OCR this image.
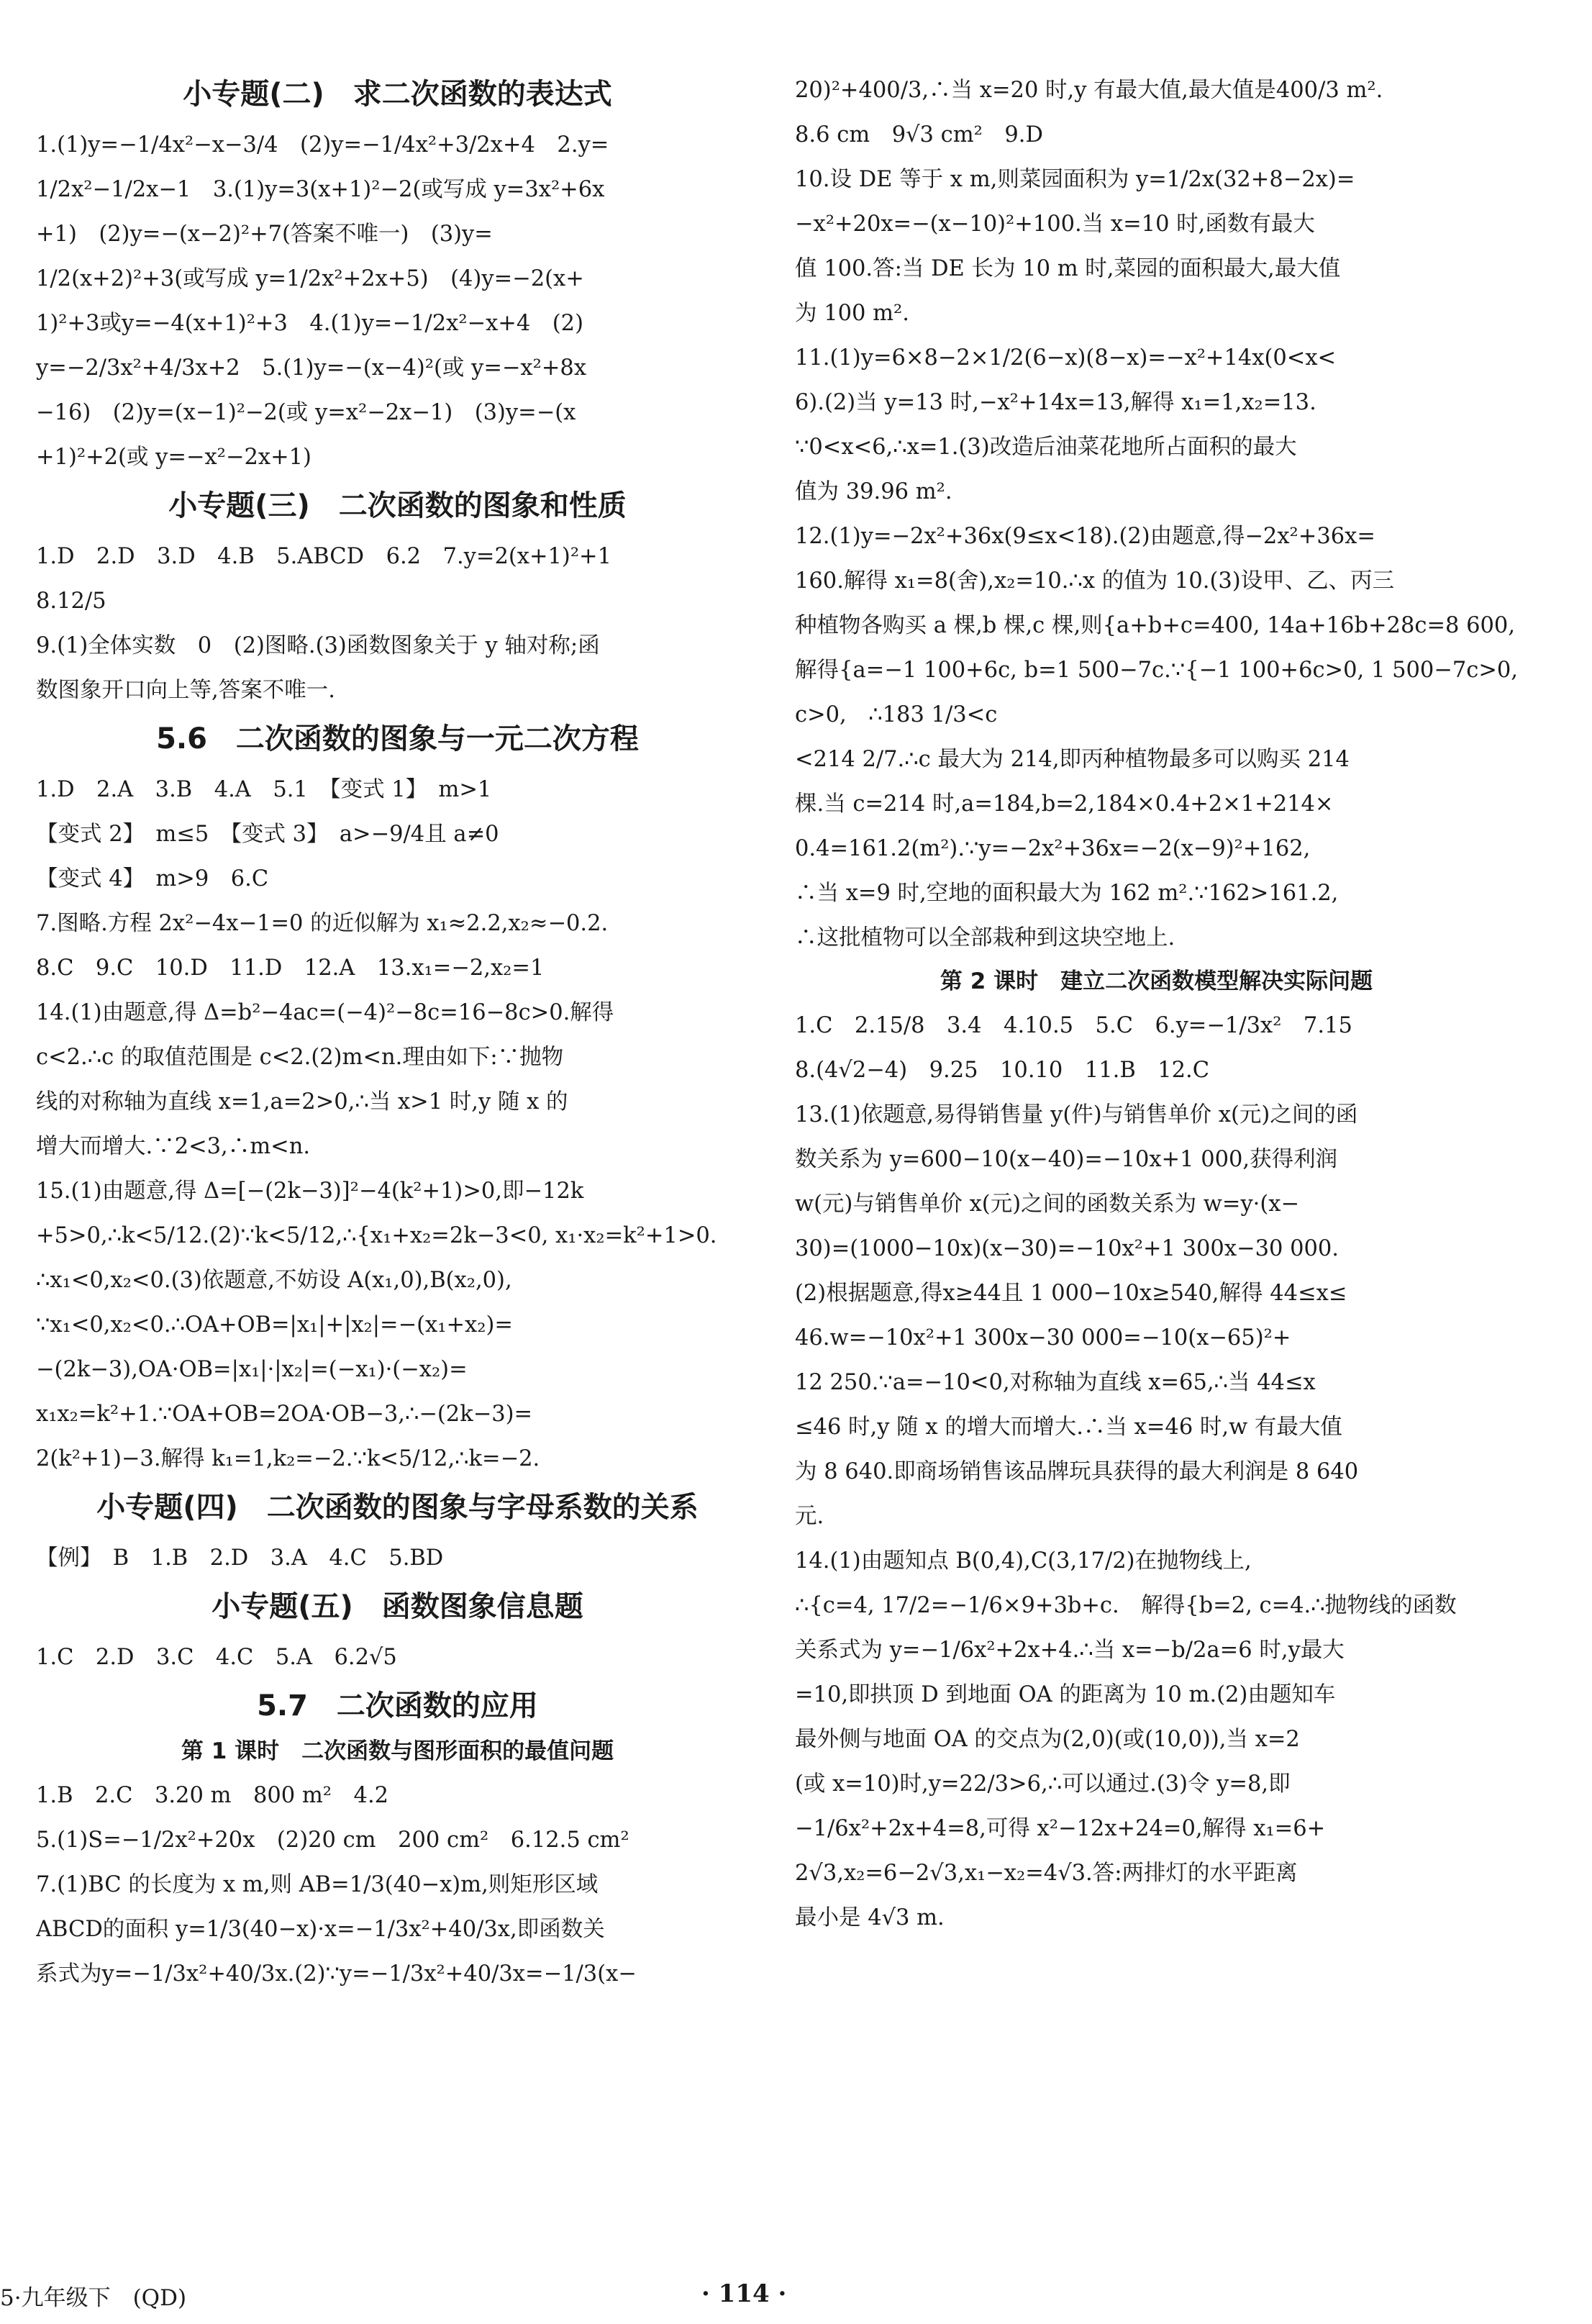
小专题(二)　求二次函数的表达式
1.(1)y=−1/4x²−x−3/4　(2)y=−1/4x²+3/2x+4　2.y=
1/2x²−1/2x−1　3.(1)y=3(x+1)²−2(或写成 y=3x²+6x
+1)　(2)y=−(x−2)²+7(答案不唯一)　(3)y=
1/2(x+2)²+3(或写成 y=1/2x²+2x+5)　(4)y=−2(x+
1)²+3或y=−4(x+1)²+3　4.(1)y=−1/2x²−x+4　(2)
y=−2/3x²+4/3x+2　5.(1)y=−(x−4)²(或 y=−x²+8x
−16)　(2)y=(x−1)²−2(或 y=x²−2x−1)　(3)y=−(x
+1)²+2(或 y=−x²−2x+1)
小专题(三)　二次函数的图象和性质
1.D　2.D　3.D　4.B　5.ABCD　6.2　7.y=2(x+1)²+1
8.12/5
9.(1)全体实数　0　(2)图略.(3)函数图象关于 y 轴对称;函
数图象开口向上等,答案不唯一.
5.6　二次函数的图象与一元二次方程
1.D　2.A　3.B　4.A　5.1　【变式 1】　m>1
【变式 2】　m≤5　【变式 3】　a>−9/4且 a≠0
【变式 4】　m>9　6.C
7.图略.方程 2x²−4x−1=0 的近似解为 x₁≈2.2,x₂≈−0.2.
8.C　9.C　10.D　11.D　12.A　13.x₁=−2,x₂=1
14.(1)由题意,得 Δ=b²−4ac=(−4)²−8c=16−8c>0.解得
c<2.∴c 的取值范围是 c<2.(2)m<n.理由如下:∵抛物
线的对称轴为直线 x=1,a=2>0,∴当 x>1 时,y 随 x 的
增大而增大.∵2<3,∴m<n.
15.(1)由题意,得 Δ=[−(2k−3)]²−4(k²+1)>0,即−12k
+5>0,∴k<5/12.(2)∵k<5/12,∴{x₁+x₂=2k−3<0, x₁·x₂=k²+1>0.
∴x₁<0,x₂<0.(3)依题意,不妨设 A(x₁,0),B(x₂,0),
∵x₁<0,x₂<0.∴OA+OB=|x₁|+|x₂|=−(x₁+x₂)=
−(2k−3),OA·OB=|x₁|·|x₂|=(−x₁)·(−x₂)=
x₁x₂=k²+1.∵OA+OB=2OA·OB−3,∴−(2k−3)=
2(k²+1)−3.解得 k₁=1,k₂=−2.∵k<5/12,∴k=−2.
小专题(四)　二次函数的图象与字母系数的关系
【例】　B　1.B　2.D　3.A　4.C　5.BD
小专题(五)　函数图象信息题
1.C　2.D　3.C　4.C　5.A　6.2√5
5.7　二次函数的应用
第 1 课时　二次函数与图形面积的最值问题
1.B　2.C　3.20 m　800 m²　4.2
5.(1)S=−1/2x²+20x　(2)20 cm　200 cm²　6.12.5 cm²
7.(1)BC 的长度为 x m,则 AB=1/3(40−x)m,则矩形区域
ABCD的面积 y=1/3(40−x)·x=−1/3x²+40/3x,即函数关
系式为y=−1/3x²+40/3x.(2)∵y=−1/3x²+40/3x=−1/3(x−
20)²+400/3,∴当 x=20 时,y 有最大值,最大值是400/3 m².
8.6 cm　9√3 cm²　9.D
10.设 DE 等于 x m,则菜园面积为 y=1/2x(32+8−2x)=
−x²+20x=−(x−10)²+100.当 x=10 时,函数有最大
值 100.答:当 DE 长为 10 m 时,菜园的面积最大,最大值
为 100 m².
11.(1)y=6×8−2×1/2(6−x)(8−x)=−x²+14x(0<x<
6).(2)当 y=13 时,−x²+14x=13,解得 x₁=1,x₂=13.
∵0<x<6,∴x=1.(3)改造后油菜花地所占面积的最大
值为 39.96 m².
12.(1)y=−2x²+36x(9≤x<18).(2)由题意,得−2x²+36x=
160.解得 x₁=8(舍),x₂=10.∴x 的值为 10.(3)设甲、乙、丙三
种植物各购买 a 棵,b 棵,c 棵,则{a+b+c=400, 14a+16b+28c=8 600,
解得{a=−1 100+6c, b=1 500−7c.∵{−1 100+6c>0, 1 500−7c>0, c>0,　∴183 1/3<c
<214 2/7.∴c 最大为 214,即丙种植物最多可以购买 214
棵.当 c=214 时,a=184,b=2,184×0.4+2×1+214×
0.4=161.2(m²).∵y=−2x²+36x=−2(x−9)²+162,
∴当 x=9 时,空地的面积最大为 162 m².∵162>161.2,
∴这批植物可以全部栽种到这块空地上.
第 2 课时　建立二次函数模型解决实际问题
1.C　2.15/8　3.4　4.10.5　5.C　6.y=−1/3x²　7.15
8.(4√2−4)　9.25　10.10　11.B　12.C
13.(1)依题意,易得销售量 y(件)与销售单价 x(元)之间的函
数关系为 y=600−10(x−40)=−10x+1 000,获得利润
w(元)与销售单价 x(元)之间的函数关系为 w=y·(x−
30)=(1000−10x)(x−30)=−10x²+1 300x−30 000.
(2)根据题意,得x≥44且 1 000−10x≥540,解得 44≤x≤
46.w=−10x²+1 300x−30 000=−10(x−65)²+
12 250.∵a=−10<0,对称轴为直线 x=65,∴当 44≤x
≤46 时,y 随 x 的增大而增大.∴当 x=46 时,w 有最大值
为 8 640.即商场销售该品牌玩具获得的最大利润是 8 640
元.
14.(1)由题知点 B(0,4),C(3,17/2)在抛物线上,
∴{c=4, 17/2=−1/6×9+3b+c.　解得{b=2, c=4.∴抛物线的函数
关系式为 y=−1/6x²+2x+4.∴当 x=−b/2a=6 时,y最大
=10,即拱顶 D 到地面 OA 的距离为 10 m.(2)由题知车
最外侧与地面 OA 的交点为(2,0)(或(10,0)),当 x=2
(或 x=10)时,y=22/3>6,∴可以通过.(3)令 y=8,即
−1/6x²+2x+4=8,可得 x²−12x+24=0,解得 x₁=6+
2√3,x₂=6−2√3,x₁−x₂=4√3.答:两排灯的水平距离
最小是 4√3 m.
5·九年级下　(QD)	· 114 ·
